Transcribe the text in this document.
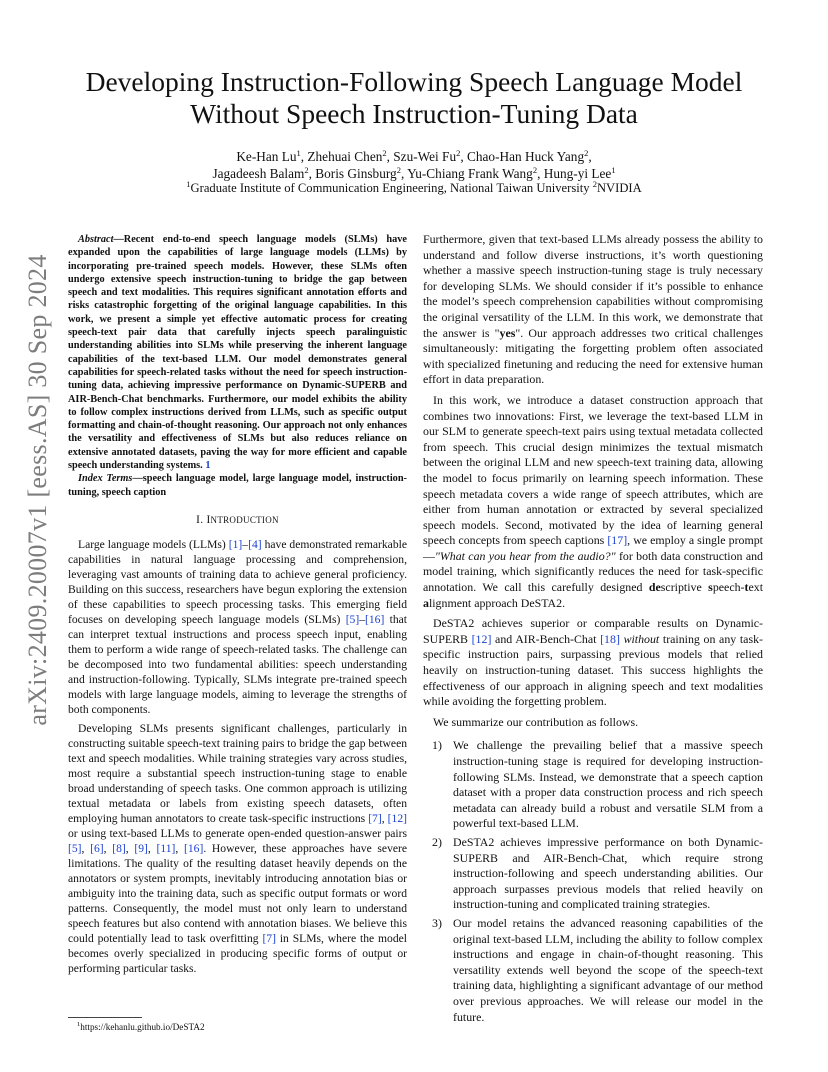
arXiv:2409.20007v1 [eess.AS] 30 Sep 2024
Developing Instruction-Following Speech Language Model
Without Speech Instruction-Tuning Data
Ke-Han Lu$^1$, Zhehuai Chen$^2$, Szu-Wei Fu$^2$, Chao-Han Huck Yang$^2$,
Jagadeesh Balam$^2$, Boris Ginsburg$^2$, Yu-Chiang Frank Wang$^2$, Hung-yi Lee$^1$
$^1$Graduate Institute of Communication Engineering, National Taiwan University $^2$NVIDIA

Abstract—Recent end-to-end speech language models (SLMs) have expanded upon the capabilities of large language models (LLMs) by incorporating pre-trained speech models. However, these SLMs often undergo extensive speech instruction-tuning to bridge the gap between speech and text modalities. This requires significant annotation efforts and risks catastrophic forgetting of the original language capabilities. In this work, we present a simple yet effective automatic process for creating speech-text pair data that carefully injects speech paralinguistic understanding abilities into SLMs while preserving the inherent language capabilities of the text-based LLM. Our model demonstrates general capabilities for speech-related tasks without the need for speech instruction-tuning data, achieving impressive performance on Dynamic-SUPERB and AIR-Bench-Chat benchmarks. Furthermore, our model exhibits the ability to follow complex instructions derived from LLMs, such as specific output formatting and chain-of-thought reasoning. Our approach not only enhances the versatility and effectiveness of SLMs but also reduces reliance on extensive annotated datasets, paving the way for more efficient and capable speech understanding systems. 1

Index Terms—speech language model, large language model, instruction-tuning, speech caption

I. INTRODUCTION

Large language models (LLMs) [1]–[4] have demonstrated remarkable capabilities in natural language processing and comprehension, leveraging vast amounts of training data to achieve general proficiency. Building on this success, researchers have begun exploring the extension of these capabilities to speech processing tasks. This emerging field focuses on developing speech language models (SLMs) [5]–[16] that can interpret textual instructions and process speech input, enabling them to perform a wide range of speech-related tasks. The challenge can be decomposed into two fundamental abilities: speech understanding and instruction-following. Typically, SLMs integrate pre-trained speech models with large language models, aiming to leverage the strengths of both components.

Developing SLMs presents significant challenges, particularly in constructing suitable speech-text training pairs to bridge the gap between text and speech modalities. While training strategies vary across studies, most require a substantial speech instruction-tuning stage to enable broad understanding of speech tasks. One common approach is utilizing textual metadata or labels from existing speech datasets, often employing human annotators to create task-specific instructions [7], [12] or using text-based LLMs to generate open-ended question-answer pairs [5], [6], [8], [9], [11], [16]. However, these approaches have severe limitations. The quality of the resulting dataset heavily depends on the annotators or system prompts, inevitably introducing annotation bias or ambiguity into the training data, such as specific output formats or word patterns. Consequently, the model must not only learn to understand speech features but also contend with annotation biases. We believe this could potentially lead to task overfitting [7] in SLMs, where the model becomes overly specialized in producing specific forms of output or performing particular tasks.

Furthermore, given that text-based LLMs already possess the ability to understand and follow diverse instructions, it’s worth questioning whether a massive speech instruction-tuning stage is truly necessary for developing SLMs. We should consider if it’s possible to enhance the model’s speech comprehension capabilities without compromising the original versatility of the LLM. In this work, we demonstrate that the answer is "yes". Our approach addresses two critical challenges simultaneously: mitigating the forgetting problem often associated with specialized finetuning and reducing the need for extensive human effort in data preparation.

In this work, we introduce a dataset construction approach that combines two innovations: First, we leverage the text-based LLM in our SLM to generate speech-text pairs using textual metadata collected from speech. This crucial design minimizes the textual mismatch between the original LLM and new speech-text training data, allowing the model to focus primarily on learning speech information. These speech metadata covers a wide range of speech attributes, which are either from human annotation or extracted by several specialized speech models. Second, motivated by the idea of learning general speech concepts from speech captions [17], we employ a single prompt—"What can you hear from the audio?" for both data construction and model training, which significantly reduces the need for task-specific annotation. We call this carefully designed descriptive speech-text alignment approach DeSTA2.

DeSTA2 achieves superior or comparable results on Dynamic-SUPERB [12] and AIR-Bench-Chat [18] without training on any task-specific instruction pairs, surpassing previous models that relied heavily on instruction-tuning dataset. This success highlights the effectiveness of our approach in aligning speech and text modalities while avoiding the forgetting problem.

We summarize our contribution as follows.

1) We challenge the prevailing belief that a massive speech instruction-tuning stage is required for developing instruction-following SLMs. Instead, we demonstrate that a speech caption dataset with a proper data construction process and rich speech metadata can already build a robust and versatile SLM from a powerful text-based LLM.
2) DeSTA2 achieves impressive performance on both Dynamic-SUPERB and AIR-Bench-Chat, which require strong instruction-following and speech understanding abilities. Our approach surpasses previous models that relied heavily on instruction-tuning and complicated training strategies.
3) Our model retains the advanced reasoning capabilities of the original text-based LLM, including the ability to follow complex instructions and engage in chain-of-thought reasoning. This versatility extends well beyond the scope of the speech-text training data, highlighting a significant advantage of our method over previous approaches. We will release our model in the future.
$^1$https://kehanlu.github.io/DeSTA2
